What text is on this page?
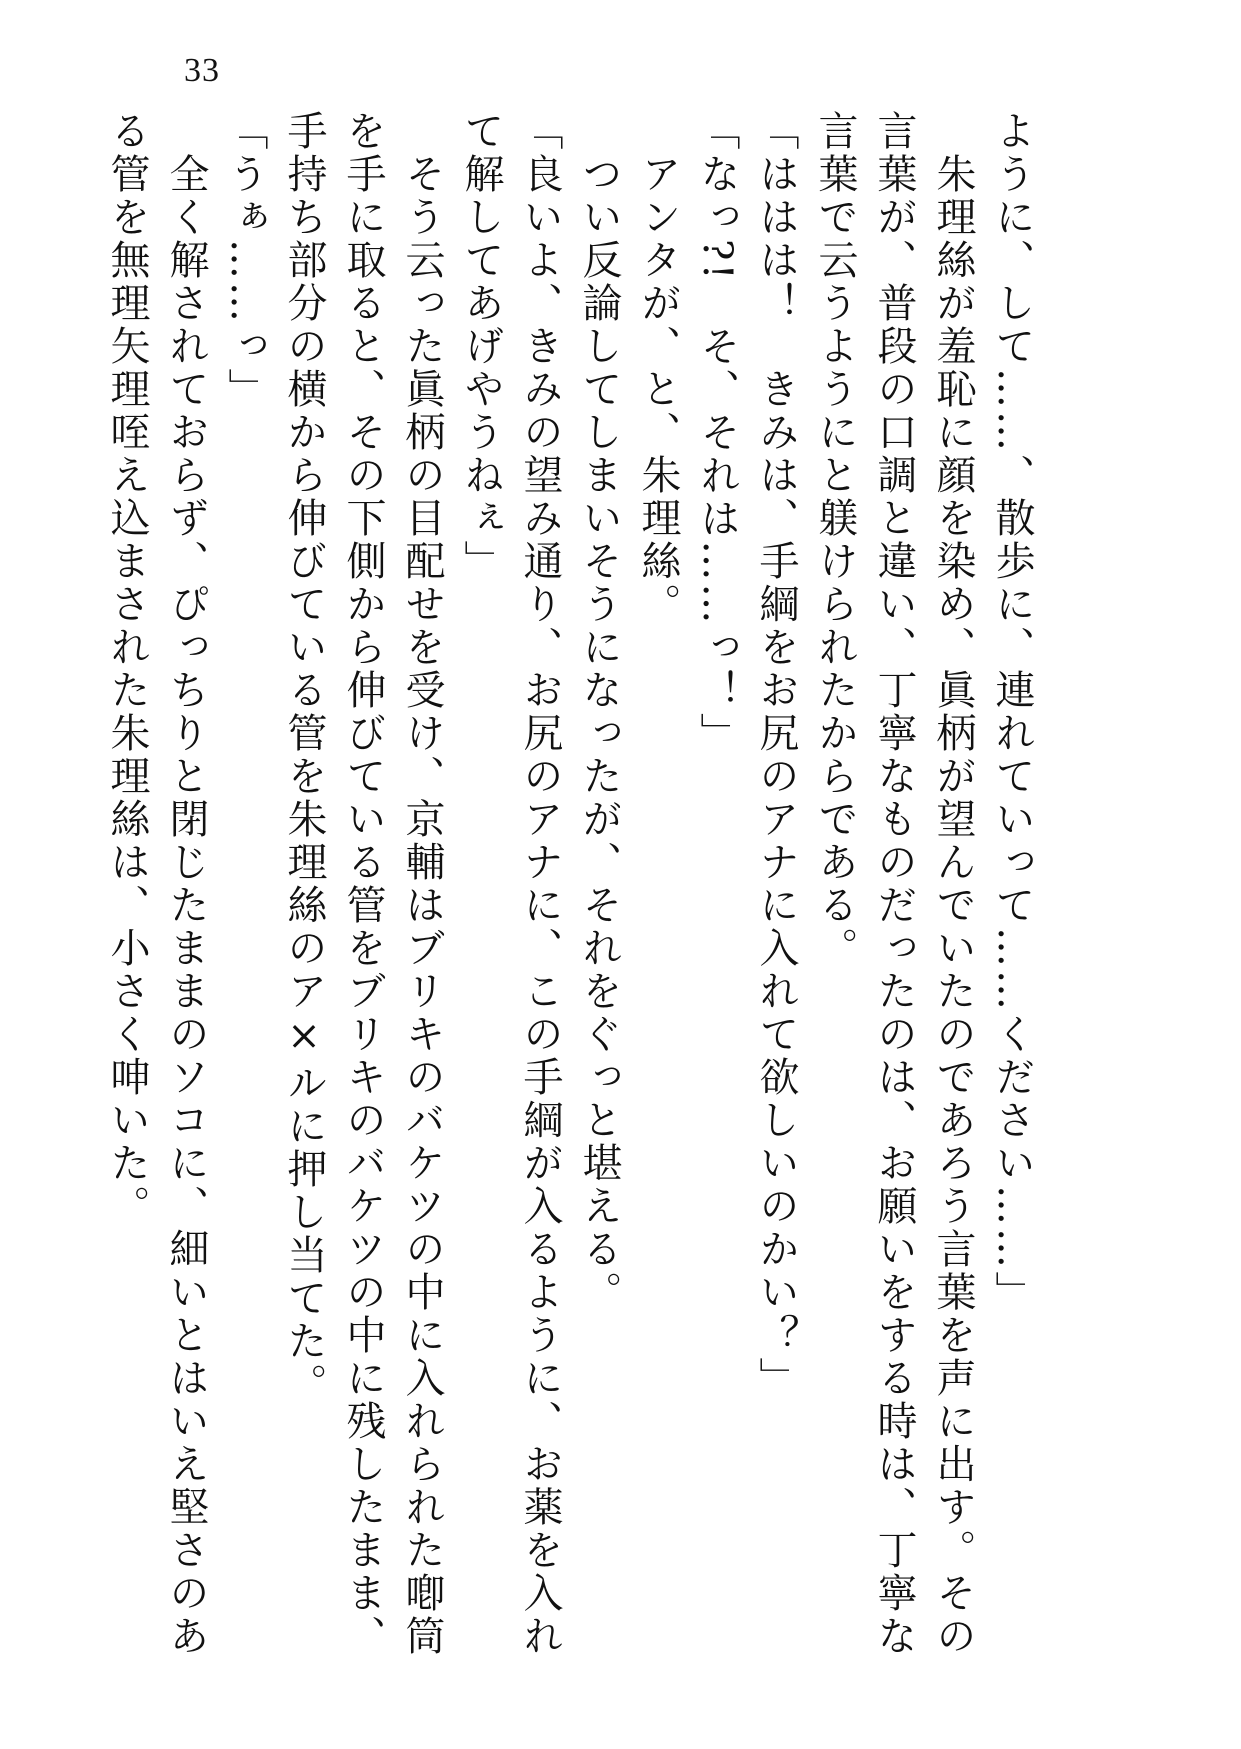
33
ように、して……、散歩に、連れていって……ください……」
　朱理絲が羞恥に顔を染め、眞柄が望んでいたのであろう言葉を声に出す。その
言葉が、普段の口調と違い、丁寧なものだったのは、お願いをする時は、丁寧な
言葉で云うようにと躾けられたからである。
「ははは！　きみは、手綱をお尻のアナに入れて欲しいのかい？」
「なっ?!　そ、それは……っ！」
　アンタが、と、朱理絲。
　つい反論してしまいそうになったが、それをぐっと堪える。
「良いよ、きみの望み通り、お尻のアナに、この手綱が入るように、お薬を入れ
て解してあげやうねぇ」
　そう云った眞柄の目配せを受け、京輔はブリキのバケツの中に入れられた喞筒
を手に取ると、その下側から伸びている管をブリキのバケツの中に残したまま、
手持ち部分の横から伸びている管を朱理絲のア×ルに押し当てた。
「うぁ……っ」
　全く解されておらず、ぴっちりと閉じたままのソコに、細いとはいえ堅さのあ
る管を無理矢理咥え込まされた朱理絲は、小さく呻いた。
